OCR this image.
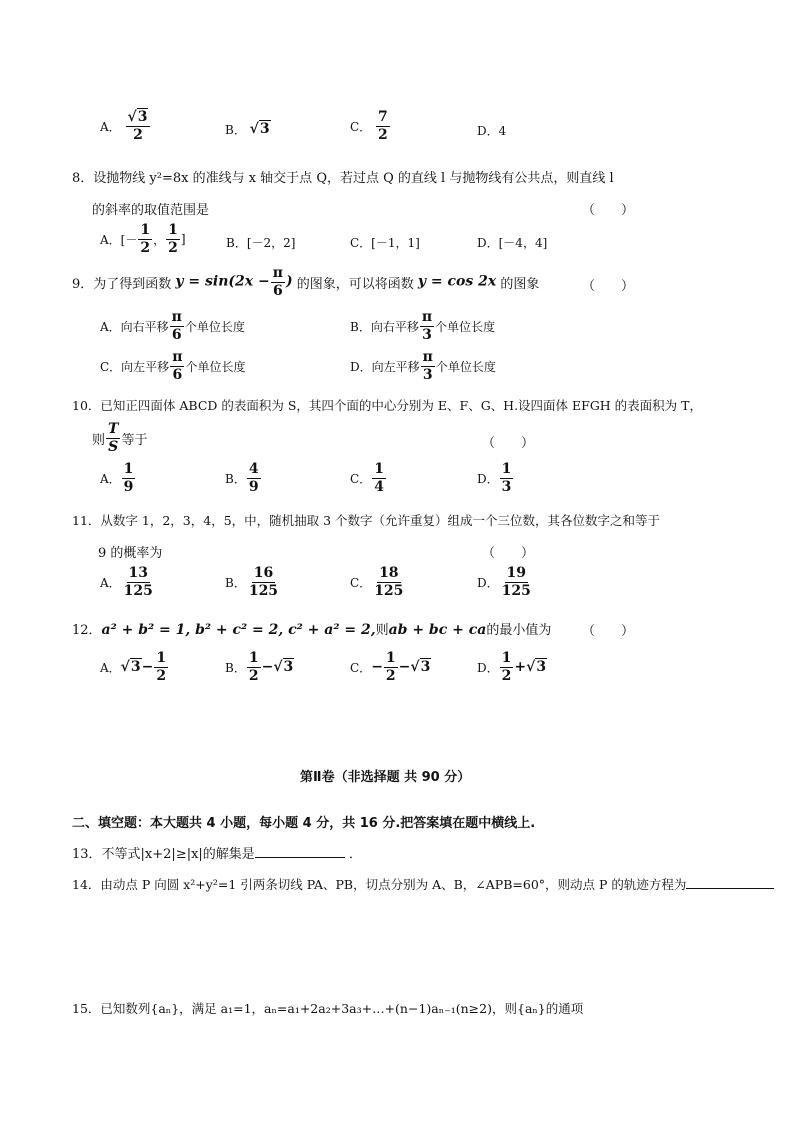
A． $\frac{√3}{2}$	B． √3	C． $\frac{7}{2}$	D．4
8．设抛物线 y²=8x 的准线与 x 轴交于点 Q，若过点 Q 的直线 l 与抛物线有公共点，则直线 l
的斜率的取值范围是	（　　）
A．[－ $\frac{1}{2}$ ， $\frac{1}{2}$ ]	B．[－2，2]	C．[－1，1]	D．[－4，4]
9．为了得到函数 $y = \sin(2x - \frac{\pi}{6}$ ) 的图象，可以将函数 y = cos 2x 的图象	（　　）
A．向右平移 $\frac{\pi}{6}$ 个单位长度	B．向右平移 $\frac{\pi}{3}$ 个单位长度
C．向左平移 $\frac{\pi}{6}$ 个单位长度	D．向左平移 $\frac{\pi}{3}$ 个单位长度
10．已知正四面体 ABCD 的表面积为 S，其四个面的中心分别为 E、F、G、H.设四面体 EFGH 的表面积为 T，
则 $\frac{T}{S}$ 等于	（　　）
A． $\frac{1}{9}$	B． $\frac{4}{9}$	C． $\frac{1}{4}$	D． $\frac{1}{3}$
11．从数字 1，2，3，4，5，中，随机抽取 3 个数字（允许重复）组成一个三位数，其各位数字之和等于
9 的概率为	（　　）
A． $\frac{13}{125}$	B． $\frac{16}{125}$	C． $\frac{18}{125}$	D． $\frac{19}{125}$
12．a² + b² = 1, b² + c² = 2, c² + a² = 2,则ab + bc + ca的最小值为 （　　）
A．$√3- \frac{1}{2}$	B． $\frac{1}{2} -√3$	C．− $\frac{1}{2} -√3$	D． $\frac{1}{2} +√3$
第Ⅱ卷（非选择题 共 90 分）
二、填空题：本大题共 4 小题，每小题 4 分，共 16 分.把答案填在题中横线上.
13．不等式|x+2|≥|x|的解集是	．
14．由动点 P 向圆 x²+y²=1 引两条切线 PA、PB，切点分别为 A、B，∠APB=60°，则动点 P 的轨迹方程为
15．已知数列{aₙ}，满足 a₁=1，aₙ=a₁+2a₂+3a₃+…+(n−1)aₙ₋₁(n≥2)，则{aₙ}的通项
